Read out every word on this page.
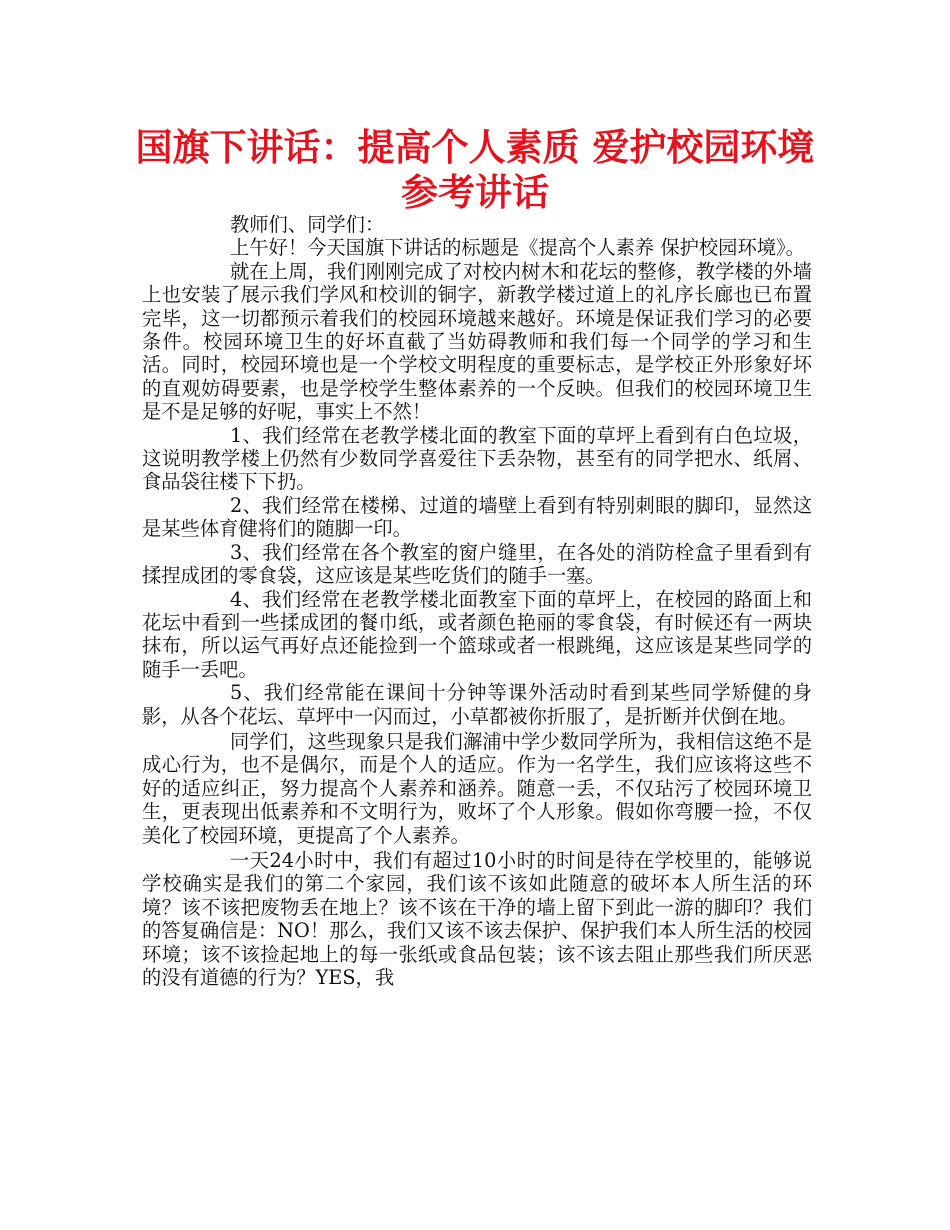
国旗下讲话：提高个人素质 爱护校园环境
参考讲话

教师们、同学们：

上午好！今天国旗下讲话的标题是《提高个人素养 保护校园环境》。

就在上周，我们刚刚完成了对校内树木和花坛的整修，教学楼的外墙上也安装了展示我们学风和校训的铜字，新教学楼过道上的礼序长廊也已布置完毕，这一切都预示着我们的校园环境越来越好。环境是保证我们学习的必要条件。校园环境卫生的好坏直截了当妨碍教师和我们每一个同学的学习和生活。同时，校园环境也是一个学校文明程度的重要标志，是学校正外形象好坏的直观妨碍要素，也是学校学生整体素养的一个反映。但我们的校园环境卫生是不是足够的好呢，事实上不然！

1、我们经常在老教学楼北面的教室下面的草坪上看到有白色垃圾，这说明教学楼上仍然有少数同学喜爱往下丢杂物，甚至有的同学把水、纸屑、食品袋往楼下下扔。

2、我们经常在楼梯、过道的墙壁上看到有特别刺眼的脚印，显然这是某些体育健将们的随脚一印。

3、我们经常在各个教室的窗户缝里，在各处的消防栓盒子里看到有揉捏成团的零食袋，这应该是某些吃货们的随手一塞。

4、我们经常在老教学楼北面教室下面的草坪上，在校园的路面上和花坛中看到一些揉成团的餐巾纸，或者颜色艳丽的零食袋，有时候还有一两块抹布，所以运气再好点还能捡到一个篮球或者一根跳绳，这应该是某些同学的随手一丢吧。

5、我们经常能在课间十分钟等课外活动时看到某些同学矫健的身影，从各个花坛、草坪中一闪而过，小草都被你折服了，是折断并伏倒在地。

同学们，这些现象只是我们澥浦中学少数同学所为，我相信这绝不是成心行为，也不是偶尔，而是个人的适应。作为一名学生，我们应该将这些不好的适应纠正，努力提高个人素养和涵养。随意一丢，不仅玷污了校园环境卫生，更表现出低素养和不文明行为，败坏了个人形象。假如你弯腰一捡，不仅美化了校园环境，更提高了个人素养。

一天24小时中，我们有超过10小时的时间是待在学校里的，能够说学校确实是我们的第二个家园，我们该不该如此随意的破坏本人所生活的环境？该不该把废物丢在地上？该不该在干净的墙上留下到此一游的脚印？我们的答复确信是：NO！那么，我们又该不该去保护、保护我们本人所生活的校园环境；该不该捡起地上的每一张纸或食品包装；该不该去阻止那些我们所厌恶的没有道德的行为？YES，我
